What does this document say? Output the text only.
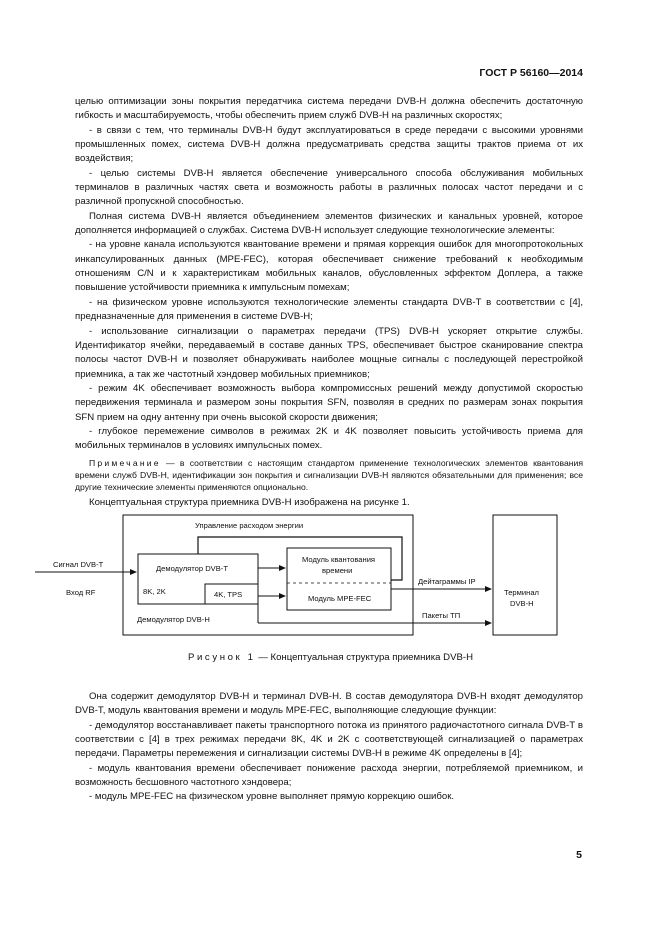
ГОСТ Р 56160—2014

целью оптимизации зоны покрытия передатчика система передачи DVB-H должна обеспечить достаточную гибкость и масштабируемость, чтобы обеспечить прием служб DVB-H на различных скоростях;

- в связи с тем, что терминалы DVB-H будут эксплуатироваться в среде передачи с высокими уровнями промышленных помех, система DVB-H должна предусматривать средства защиты трактов приема от их воздействия;

- целью системы DVB-H является обеспечение универсального способа обслуживания мобильных терминалов в различных частях света и возможность работы в различных полосах частот передачи и с различной пропускной способностью.

Полная система DVB-H является объединением элементов физических и канальных уровней, которое дополняется информацией о службах. Система DVB-H использует следующие технологические элементы:

- на уровне канала используются квантование времени и прямая коррекция ошибок для многопротокольных инкапсулированных данных (MPE-FEC), которая обеспечивает снижение требований к необходимым отношениям C/N и к характеристикам мобильных каналов, обусловленных эффектом Доплера, а также повышение устойчивости приемника к импульсным помехам;

- на физическом уровне используются технологические элементы стандарта DVB-T в соответствии с [4], предназначенные для применения в системе DVB-H;

- использование сигнализации о параметрах передачи (TPS) DVB-H ускоряет открытие службы. Идентификатор ячейки, передаваемый в составе данных TPS, обеспечивает быстрое сканирование спектра полосы частот DVB-H и позволяет обнаруживать наиболее мощные сигналы с последующей перестройкой приемника, а так же частотный хэндовер мобильных приемников;

- режим 4K обеспечивает возможность выбора компромиссных решений между допустимой скоростью передвижения терминала и размером зоны покрытия SFN, позволяя в средних по размерам зонах покрытия SFN прием на одну антенну при очень высокой скорости движения;

- глубокое перемежение символов в режимах 2K и 4K позволяет повысить устойчивость приема для мобильных терминалов в условиях импульсных помех.

Примечание — в соответствии с настоящим стандартом применение технологических элементов квантования времени служб DVB-H, идентификации зон покрытия и сигнализации DVB-H являются обязательными для применения; все другие технические элементы применяются опционально.

Концептуальная структура приемника DVB-H изображена на рисунке 1.

Управление расходом энергии
Демодулятор DVB-T
8K, 2K	4K, TPS
Модуль квантования
времени
Модуль MPE-FEC
Сигнал DVB-T
Вход RF
Демодулятор DVB-H
Дейтаграммы IP
Пакеты ТП
Терминал
DVB-H
Рисунок 1 — Концептуальная структура приемника DVB-H

Она содержит демодулятор DVB-H и терминал DVB-H. В состав демодулятора DVB-H входят демодулятор DVB-T, модуль квантования времени и модуль MPE-FEC, выполняющие следующие функции:

- демодулятор восстанавливает пакеты транспортного потока из принятого радиочастотного сигнала DVB-T в соответствии с [4] в трех режимах передачи 8K, 4K и 2K с соответствующей сигнализацией о параметрах передачи. Параметры перемежения и сигнализации системы DVB-H в режиме 4K определены в [4];

- модуль квантования времени обеспечивает понижение расхода энергии, потребляемой приемником, и возможность бесшовного частотного хэндовера;

- модуль MPE-FEC на физическом уровне выполняет прямую коррекцию ошибок.

5
